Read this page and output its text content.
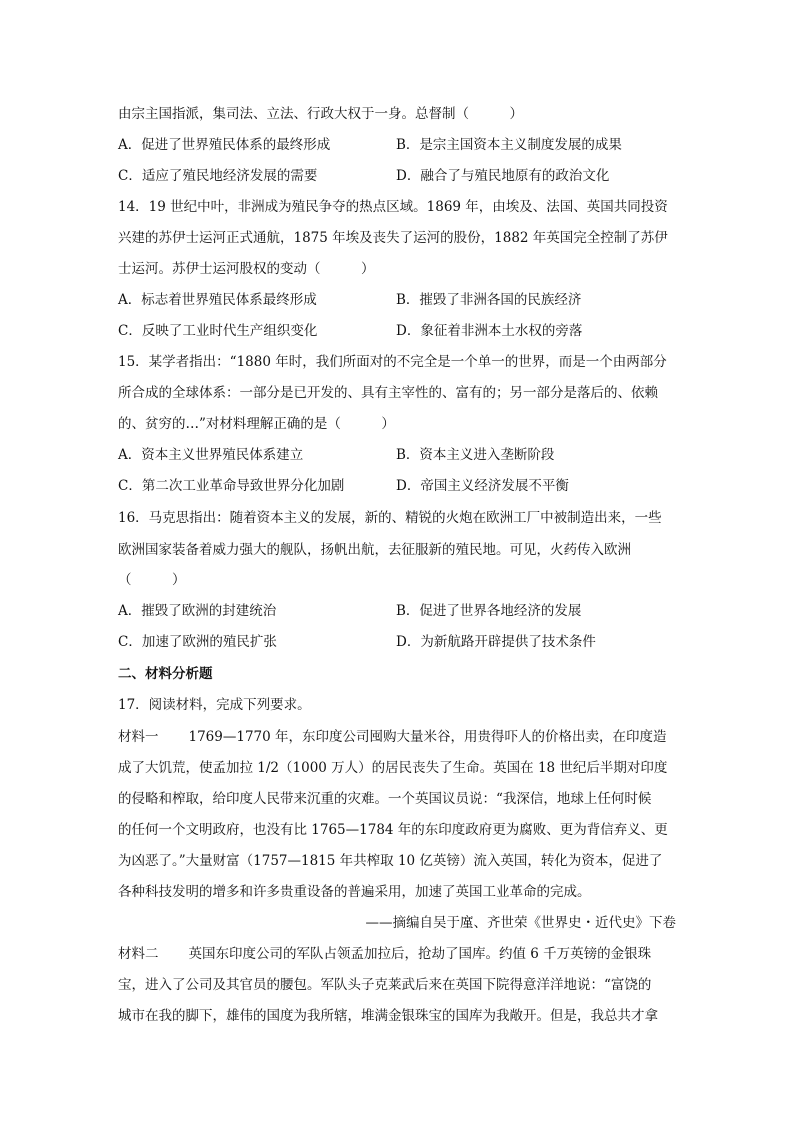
由宗主国指派，集司法、立法、行政大权于一身。总督制（　　　）
A．促进了世界殖民体系的最终形成	B．是宗主国资本主义制度发展的成果
C．适应了殖民地经济发展的需要	D．融合了与殖民地原有的政治文化
14．19 世纪中叶，非洲成为殖民争夺的热点区域。1869 年，由埃及、法国、英国共同投资
兴建的苏伊士运河正式通航，1875 年埃及丧失了运河的股份，1882 年英国完全控制了苏伊
士运河。苏伊士运河股权的变动（　　　）
A．标志着世界殖民体系最终形成	B．摧毁了非洲各国的民族经济
C．反映了工业时代生产组织变化	D．象征着非洲本土水权的旁落
15．某学者指出：“1880 年时，我们所面对的不完全是一个单一的世界，而是一个由两部分
所合成的全球体系：一部分是已开发的、具有主宰性的、富有的；另一部分是落后的、依赖
的、贫穷的…”对材料理解正确的是（　　　）
A．资本主义世界殖民体系建立	B．资本主义进入垄断阶段
C．第二次工业革命导致世界分化加剧	D．帝国主义经济发展不平衡
16．马克思指出：随着资本主义的发展，新的、精锐的火炮在欧洲工厂中被制造出来，一些
欧洲国家装备着威力强大的舰队，扬帆出航，去征服新的殖民地。可见，火药传入欧洲
（　　　）
A．摧毁了欧洲的封建统治	B．促进了世界各地经济的发展
C．加速了欧洲的殖民扩张	D．为新航路开辟提供了技术条件
二、材料分析题
17．阅读材料，完成下列要求。
材料一 1769—1770 年，东印度公司囤购大量米谷，用贵得吓人的价格出卖，在印度造
成了大饥荒，使孟加拉 1/2（1000 万人）的居民丧失了生命。英国在 18 世纪后半期对印度
的侵略和榨取，给印度人民带来沉重的灾难。一个英国议员说：“我深信，地球上任何时候
的任何一个文明政府，也没有比 1765—1784 年的东印度政府更为腐败、更为背信弃义、更
为凶恶了。”大量财富（1757—1815 年共榨取 10 亿英镑）流入英国，转化为资本，促进了
各种科技发明的增多和许多贵重设备的普遍采用，加速了英国工业革命的完成。
——摘编自吴于廑、齐世荣《世界史・近代史》下卷
材料二 英国东印度公司的军队占领孟加拉后，抢劫了国库。约值 6 千万英镑的金银珠
宝，进入了公司及其官员的腰包。军队头子克莱武后来在英国下院得意洋洋地说：“富饶的
城市在我的脚下，雄伟的国度为我所辖，堆满金银珠宝的国库为我敞开。但是，我总共才拿
